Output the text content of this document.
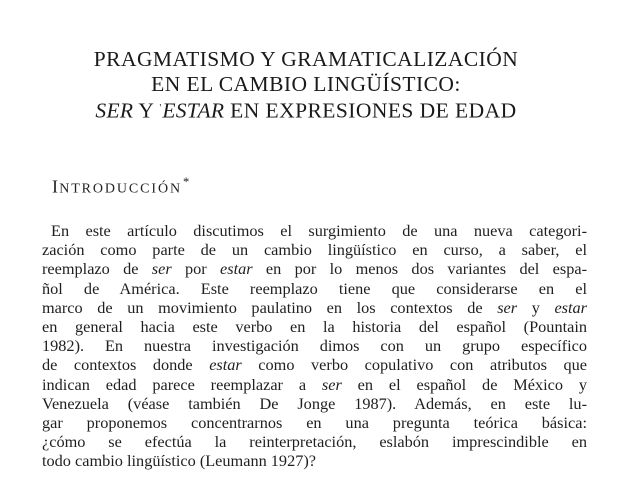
PRAGMATISMO Y GRAMATICALIZACIÓN
EN EL CAMBIO LINGÜÍSTICO:
SER Y 'ESTAR EN EXPRESIONES DE EDAD
INTRODUCCIÓN*
En este artículo discutimos el surgimiento de una nueva categori-
zación como parte de un cambio lingüístico en curso, a saber, el
reemplazo de ser por estar en por lo menos dos variantes del espa-
ñol de América. Este reemplazo tiene que considerarse en el
marco de un movimiento paulatino en los contextos de ser y estar
en general hacia este verbo en la historia del español (Pountain
1982). En nuestra investigación dimos con un grupo específico
de contextos donde estar como verbo copulativo con atributos que
indican edad parece reemplazar a ser en el español de México y
Venezuela (véase también De Jonge 1987). Además, en este lu-
gar proponemos concentrarnos en una pregunta teórica básica:
¿cómo se efectúa la reinterpretación, eslabón imprescindible en
todo cambio lingüístico (Leumann 1927)?
